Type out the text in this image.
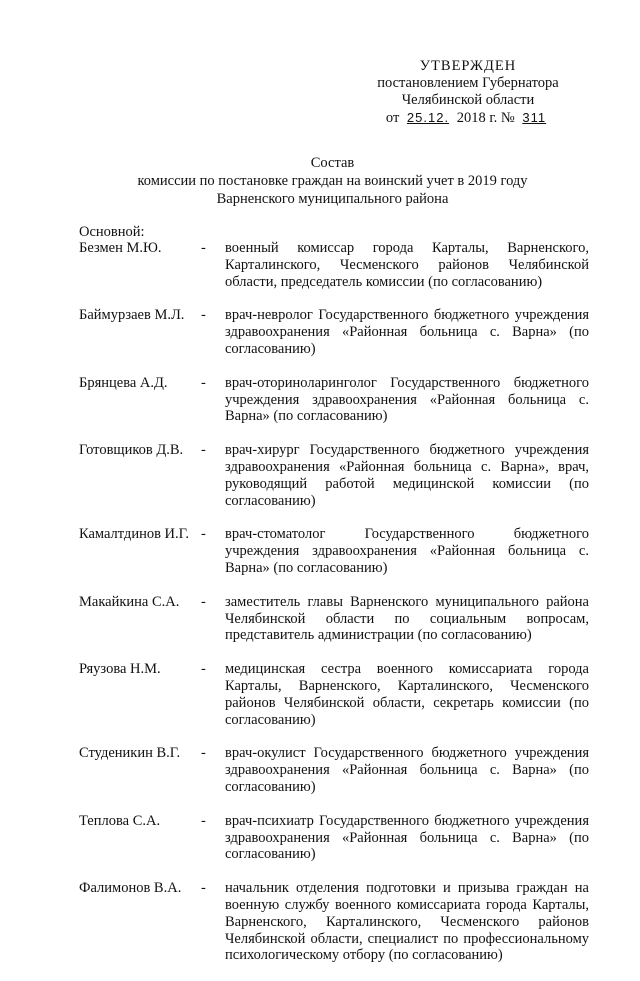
УТВЕРЖДЕН
постановлением Губернатора
Челябинской области
от 25.12. 2018 г. № 311
Состав
комиссии по постановке граждан на воинский учет в 2019 году
Варненского муниципального района
Основной:
Безмен М.Ю.	-	военный комиссар города Карталы, Варненского, Карталинского, Чесменского районов Челябинской области, председатель комиссии (по согласованию)
Баймурзаев М.Л.	-	врач-невролог Государственного бюджетного учреждения здравоохранения «Районная больница с. Варна» (по согласованию)
Брянцева А.Д.	-	врач-оториноларинголог Государственного бюджетного учреждения здравоохранения «Районная больница с. Варна» (по согласованию)
Готовщиков Д.В.	-	врач-хирург Государственного бюджетного учреждения здравоохранения «Районная больница с. Варна», врач, руководящий работой медицинской комиссии (по согласованию)
Камалтдинов И.Г. -	врач-стоматолог Государственного бюджетного учреждения здравоохранения «Районная больница с. Варна» (по согласованию)
Макайкина С.А.	-	заместитель главы Варненского муниципального района Челябинской области по социальным вопросам, представитель администрации (по согласованию)
Ряузова Н.М.	-	медицинская сестра военного комиссариата города Карталы, Варненского, Карталинского, Чесменского районов Челябинской области, секретарь комиссии (по согласованию)
Студеникин В.Г.	-	врач-окулист Государственного бюджетного учреждения здравоохранения «Районная больница с. Варна» (по согласованию)
Теплова С.А.	-	врач-психиатр Государственного бюджетного учреждения здравоохранения «Районная больница с. Варна» (по согласованию)
Фалимонов В.А.	-	начальник отделения подготовки и призыва граждан на военную службу военного комиссариата города Карталы, Варненского, Карталинского, Чесменского районов Челябинской области, специалист по профессиональному психологическому отбору (по согласованию)
